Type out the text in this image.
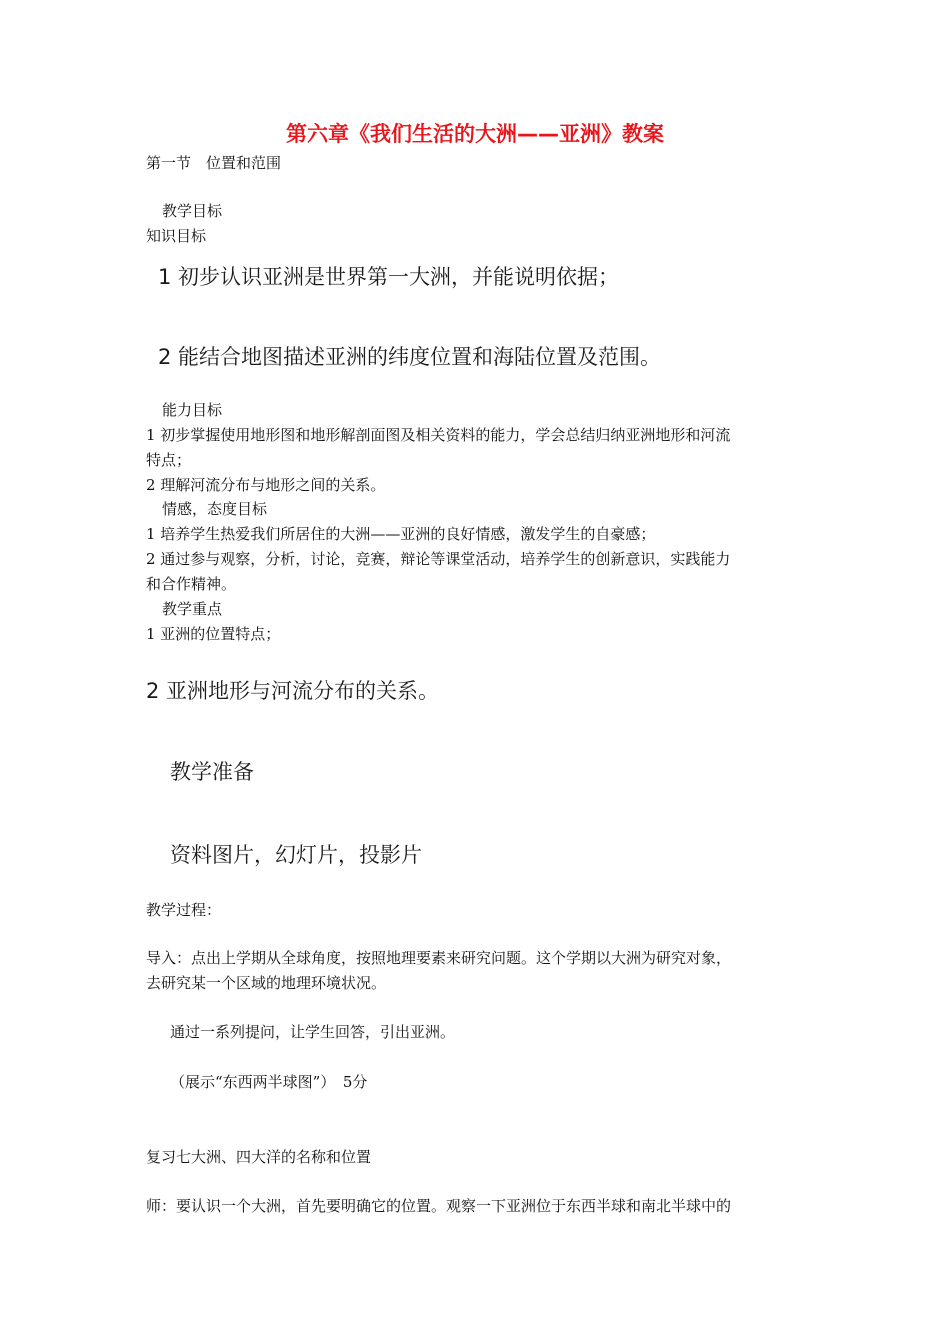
第六章《我们生活的大洲——亚洲》教案
第一节　位置和范围
教学目标
知识目标
1 初步认识亚洲是世界第一大洲，并能说明依据；
2 能结合地图描述亚洲的纬度位置和海陆位置及范围。
能力目标
1 初步掌握使用地形图和地形解剖面图及相关资料的能力，学会总结归纳亚洲地形和河流
特点；
2 理解河流分布与地形之间的关系。
情感，态度目标
1 培养学生热爱我们所居住的大洲——亚洲的良好情感，激发学生的自豪感；
2 通过参与观察，分析，讨论，竞赛，辩论等课堂活动，培养学生的创新意识，实践能力
和合作精神。
教学重点
1 亚洲的位置特点；
2 亚洲地形与河流分布的关系。
教学准备
资料图片，幻灯片，投影片
教学过程：
导入：点出上学期从全球角度，按照地理要素来研究问题。这个学期以大洲为研究对象，
去研究某一个区域的地理环境状况。
通过一系列提问，让学生回答，引出亚洲。
（展示“东西两半球图”）　5分
复习七大洲、四大洋的名称和位置
师：要认识一个大洲，首先要明确它的位置。观察一下亚洲位于东西半球和南北半球中的
